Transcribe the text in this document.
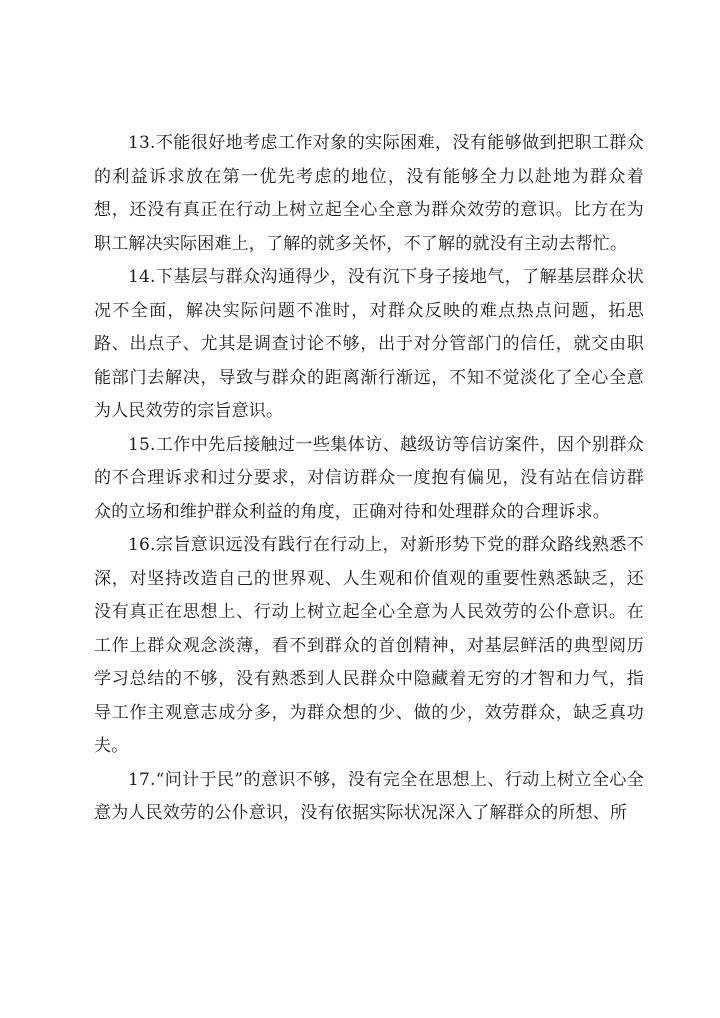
13.不能很好地考虑工作对象的实际困难，没有能够做到把职工群众的利益诉求放在第一优先考虑的地位，没有能够全力以赴地为群众着想，还没有真正在行动上树立起全心全意为群众效劳的意识。比方在为职工解决实际困难上，了解的就多关怀，不了解的就没有主动去帮忙。

14.下基层与群众沟通得少，没有沉下身子接地气，了解基层群众状况不全面，解决实际问题不准时，对群众反映的难点热点问题，拓思路、出点子、尤其是调查讨论不够，出于对分管部门的信任，就交由职能部门去解决，导致与群众的距离渐行渐远，不知不觉淡化了全心全意为人民效劳的宗旨意识。

15.工作中先后接触过一些集体访、越级访等信访案件，因个别群众的不合理诉求和过分要求，对信访群众一度抱有偏见，没有站在信访群众的立场和维护群众利益的角度，正确对待和处理群众的合理诉求。

16.宗旨意识远没有践行在行动上，对新形势下党的群众路线熟悉不深，对坚持改造自己的世界观、人生观和价值观的重要性熟悉缺乏，还没有真正在思想上、行动上树立起全心全意为人民效劳的公仆意识。在工作上群众观念淡薄，看不到群众的首创精神，对基层鲜活的典型阅历学习总结的不够，没有熟悉到人民群众中隐藏着无穷的才智和力气，指导工作主观意志成分多，为群众想的少、做的少，效劳群众，缺乏真功夫。

17.“问计于民”的意识不够，没有完全在思想上、行动上树立全心全意为人民效劳的公仆意识，没有依据实际状况深入了解群众的所想、所
